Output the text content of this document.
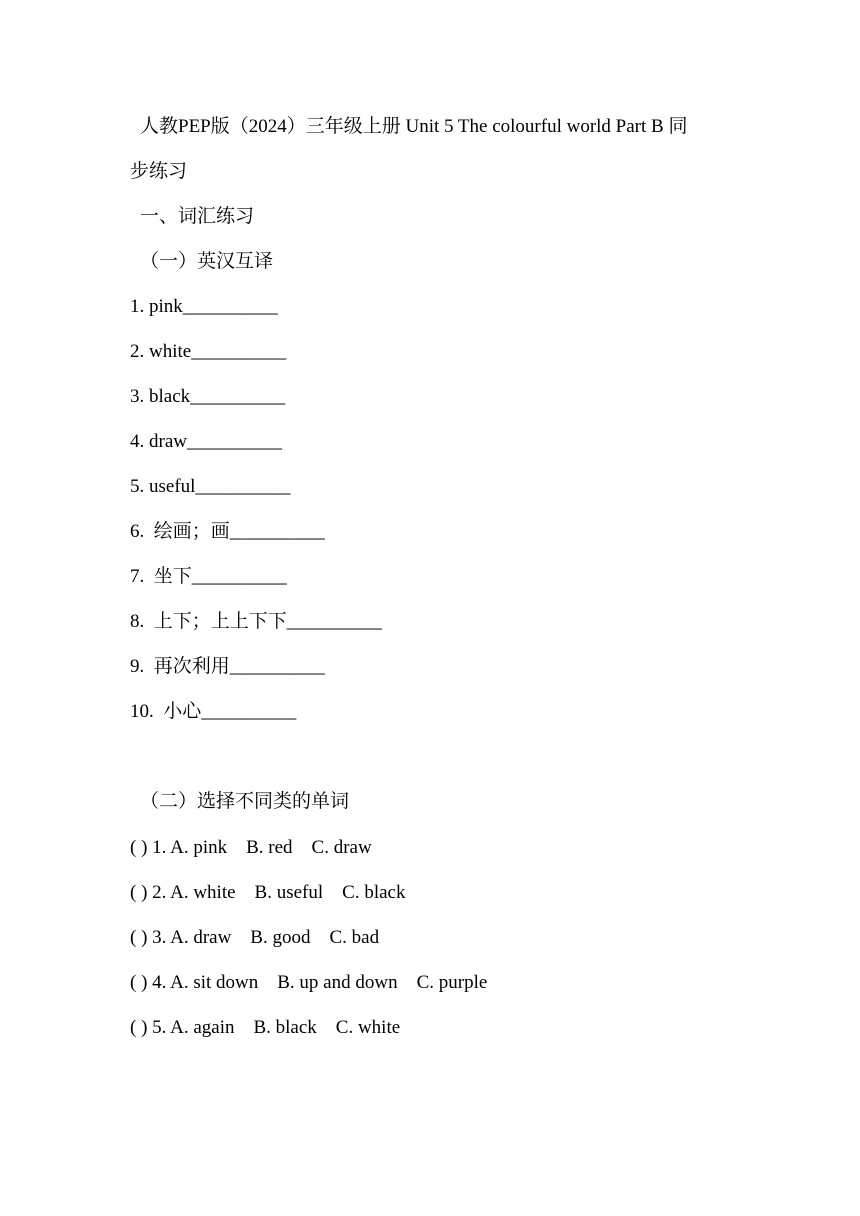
人教PEP版（2024）三年级上册 Unit 5 The colourful world Part B 同
步练习
一、词汇练习
（一）英汉互译
1. pink__________
2. white__________
3. black__________
4. draw__________
5. useful__________
6.  绘画；画__________
7.  坐下__________
8.  上下；上上下下__________
9.  再次利用__________
10.  小心__________
（二）选择不同类的单词
( ) 1. A. pink    B. red    C. draw
( ) 2. A. white    B. useful    C. black
( ) 3. A. draw    B. good    C. bad
( ) 4. A. sit down    B. up and down    C. purple
( ) 5. A. again    B. black    C. white
